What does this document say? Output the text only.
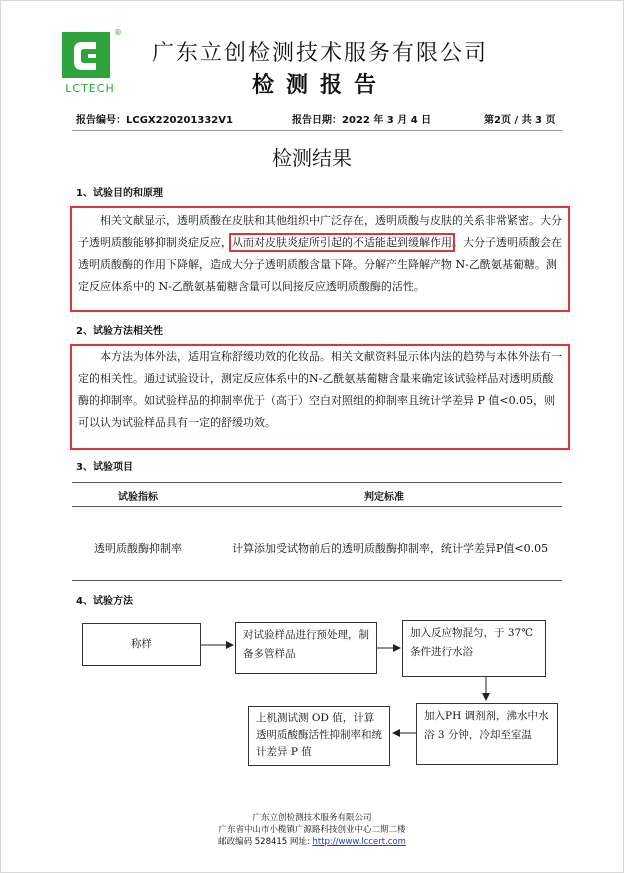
®
LCTECH
广东立创检测技术服务有限公司
检测报告
报告编号：LCGX220201332V1	报告日期：2022 年 3 月 4 日	第2页 / 共 3 页
检测结果
1、试验目的和原理
相关文献显示，透明质酸在皮肤和其他组织中广泛存在，透明质酸与皮肤的关系非常紧密。大分子透明质酸能够抑制炎症反应，从而对皮肤炎症所引起的不适能起到缓解作用。大分子透明质酸会在透明质酸酶的作用下降解，造成大分子透明质酸含量下降。分解产生降解产物 N-乙酰氨基葡糖。测定反应体系中的 N-乙酰氨基葡糖含量可以间接反应透明质酸酶的活性。
2、试验方法相关性
本方法为体外法，适用宣称舒缓功效的化妆品。相关文献资料显示体内法的趋势与本体外法有一定的相关性。通过试验设计，测定反应体系中的N-乙酰氨基葡糖含量来确定该试验样品对透明质酸酶的抑制率。如试验样品的抑制率优于（高于）空白对照组的抑制率且统计学差异 P 值<0.05，则可以认为试验样品具有一定的舒缓功效。
3、试验项目
试验指标	判定标准
透明质酸酶抑制率	计算添加受试物前后的透明质酸酶抑制率，统计学差异P值<0.05
4、试验方法
称样
对试验样品进行预处理，制备多管样品
加入反应物混匀，于 37℃条件进行水浴
加入PH 调剂剂，沸水中水浴 3 分钟，冷却至室温
上机测试测 OD 值，计算透明质酸酶活性抑制率和统计差异 P 值
广东立创检测技术服务有限公司
广东省中山市小榄镇广源路科技创业中心二期二楼
邮政编码 528415 网址: http://www.lccert.com
